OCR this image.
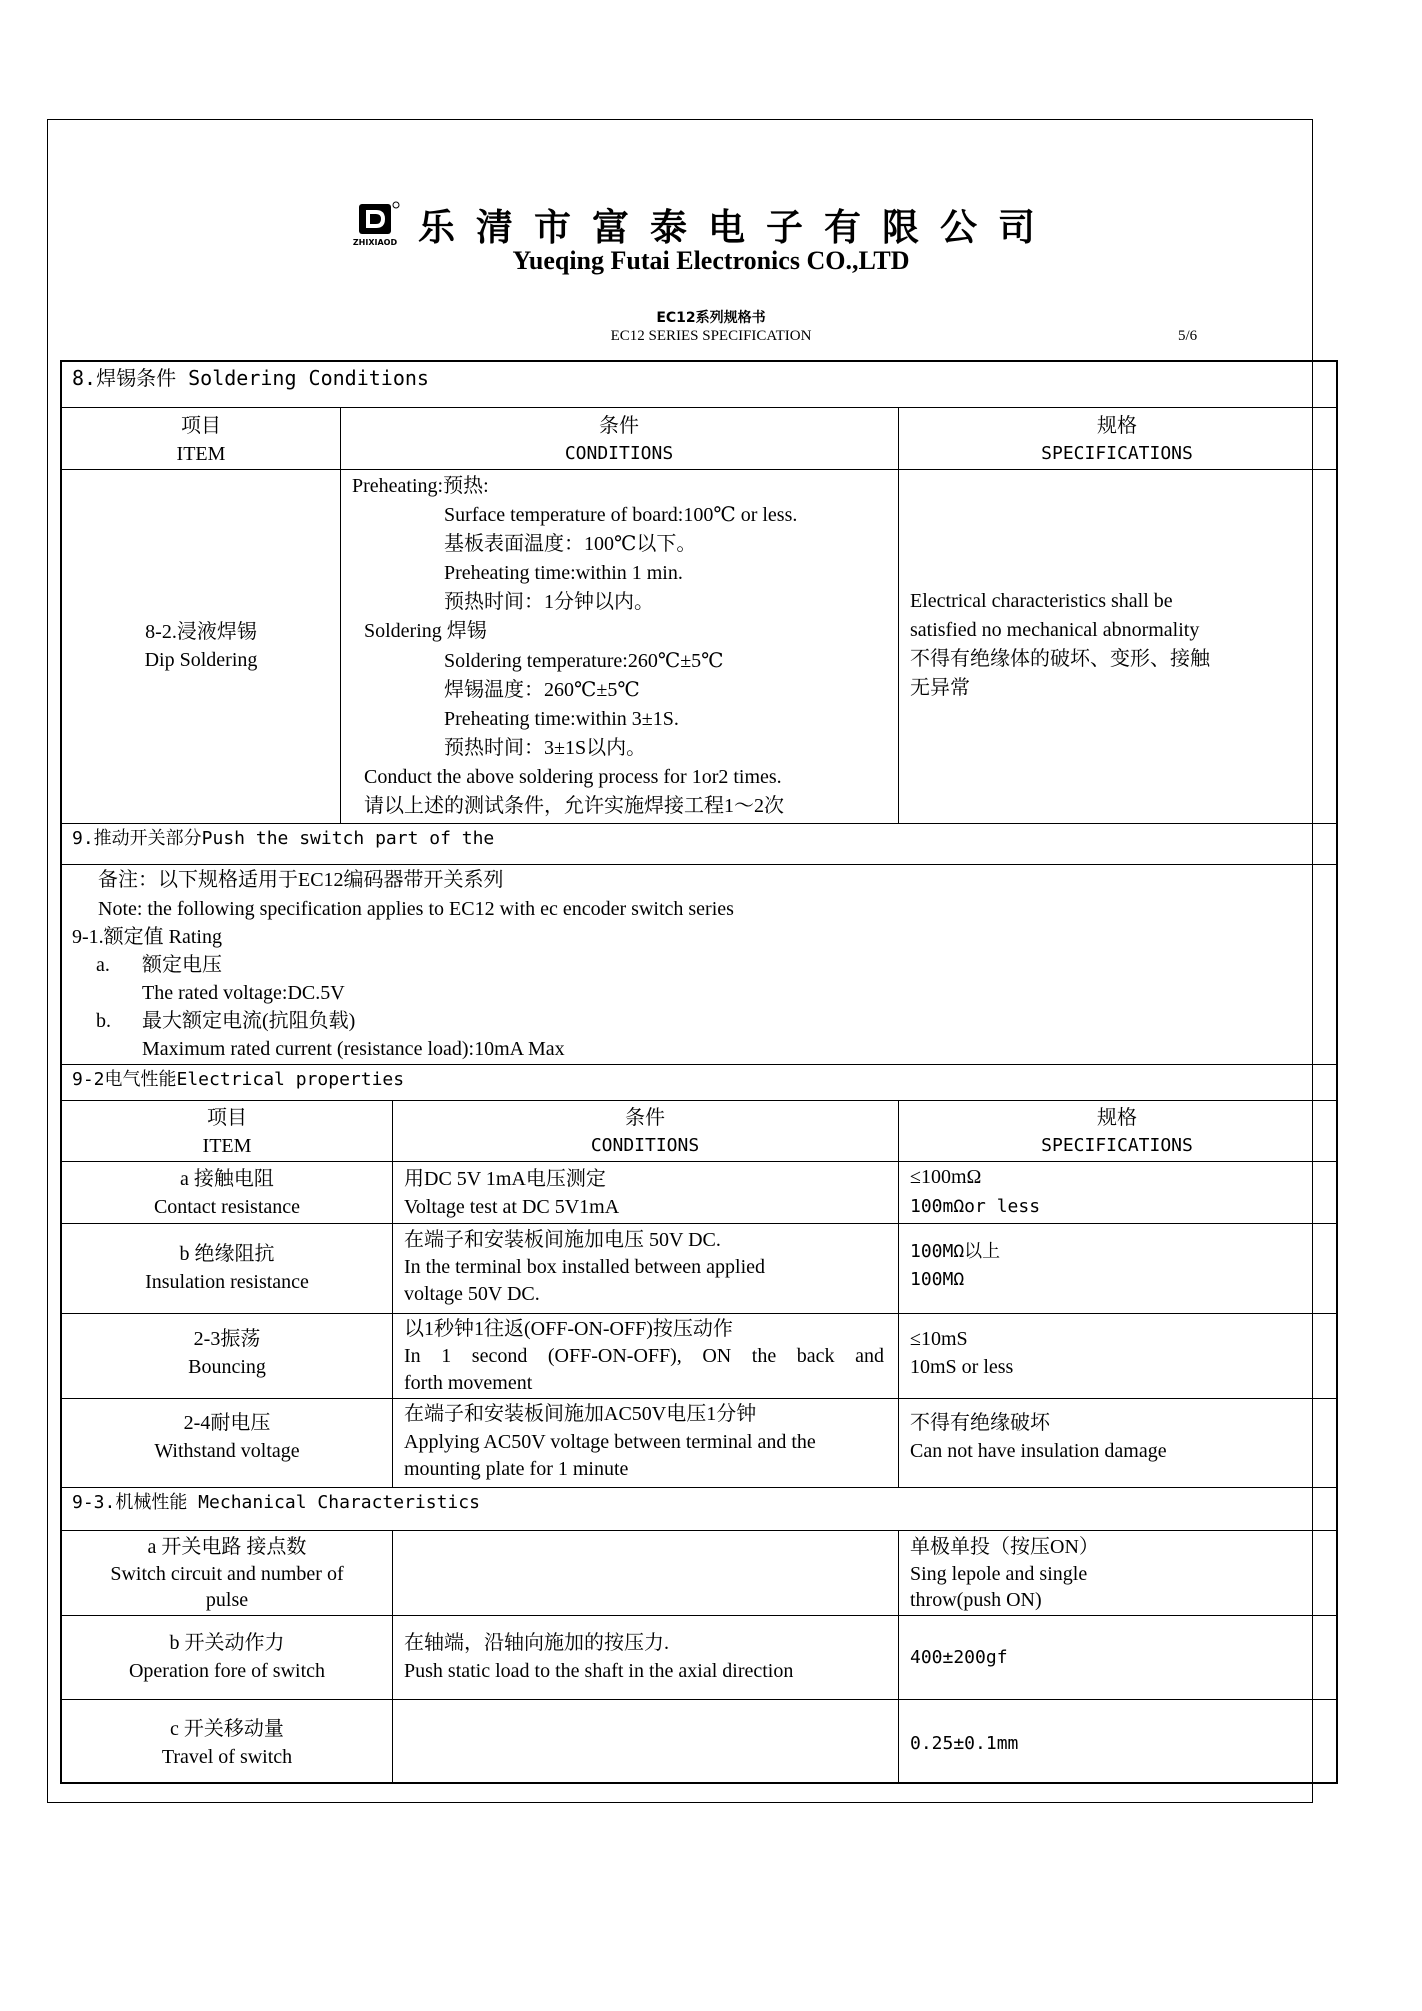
ZHIXIAOD 乐清市富泰电子有限公司
Yueqing Futai Electronics CO.,LTD
EC12系列规格书
EC12 SERIES SPECIFICATION	5/6
8.焊锡条件 Soldering Conditions
项目
ITEM
条件
CONDITIONS
规格
SPECIFICATIONS
8-2.浸液焊锡
Dip Soldering
Preheating:预热:
Surface temperature of board:100℃ or less.
基板表面温度：100℃以下。
Preheating time:within 1 min.
预热时间：1分钟以内。
Soldering 焊锡
Soldering temperature:260℃±5℃
焊锡温度：260℃±5℃
Preheating time:within 3±1S.
预热时间：3±1S以内。
Conduct the above soldering process for 1or2 times.
请以上述的测试条件，允许实施焊接工程1～2次
Electrical characteristics shall be
satisfied no mechanical abnormality
不得有绝缘体的破坏、变形、接触
无异常
9.推动开关部分Push the switch part of the
备注：以下规格适用于EC12编码器带开关系列
Note: the following specification applies to EC12 with ec encoder switch series
9-1.额定值 Rating
a. 额定电压
The rated voltage:DC.5V
b. 最大额定电流(抗阻负载)
Maximum rated current (resistance load):10mA Max
9-2电气性能Electrical properties
项目
ITEM
条件
CONDITIONS
规格
SPECIFICATIONS
a 接触电阻
Contact resistance
用DC 5V 1mA电压测定
Voltage test at DC 5V1mA
≤100mΩ
100mΩor less
b 绝缘阻抗
Insulation resistance
在端子和安装板间施加电压 50V DC.
In the terminal box installed between applied
voltage 50V DC.
100MΩ以上
100MΩ
2-3振荡
Bouncing
以1秒钟1往返(OFF-ON-OFF)按压动作
In 1 second (OFF-ON-OFF), ON the back and
forth movement
≤10mS
10mS or less
2-4耐电压
Withstand voltage
在端子和安装板间施加AC50V电压1分钟
Applying AC50V voltage between terminal and the
mounting plate for 1 minute
不得有绝缘破坏
Can not have insulation damage
9-3.机械性能 Mechanical Characteristics
a 开关电路 接点数
Switch circuit and number of
pulse
单极单投（按压ON）
Sing lepole and single
throw(push ON)
b 开关动作力
Operation fore of switch
在轴端，沿轴向施加的按压力.
Push static load to the shaft in the axial direction
400±200gf
c 开关移动量
Travel of switch
0.25±0.1mm
